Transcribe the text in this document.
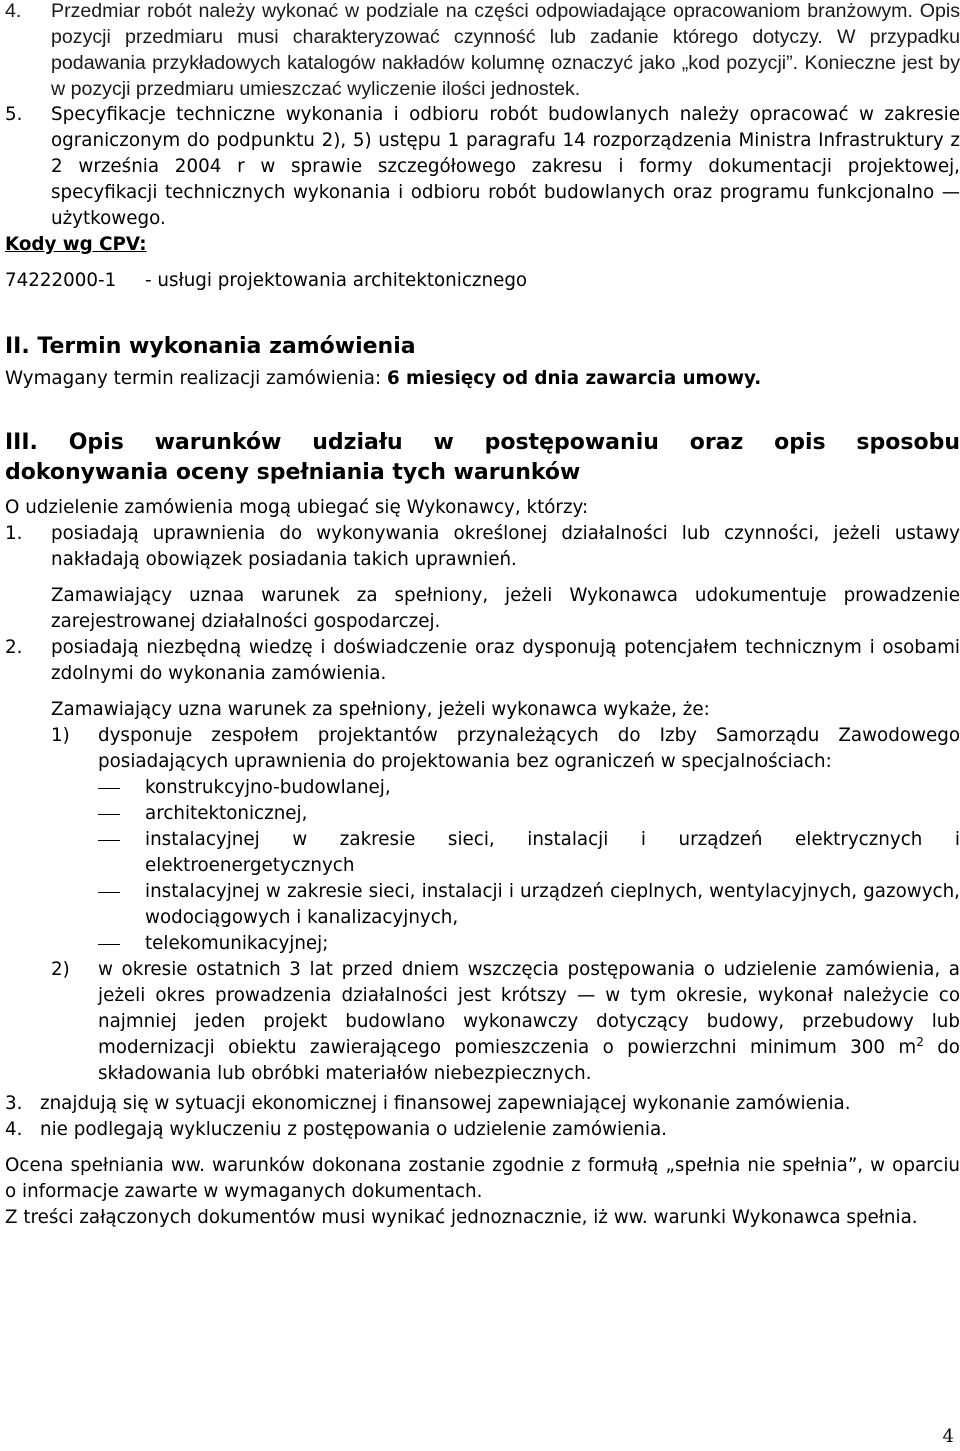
4.	Przedmiar robót należy wykonać w podziale na części odpowiadające opracowaniom branżowym. Opis pozycji przedmiaru musi charakteryzować czynność lub zadanie którego dotyczy. W przypadku podawania przykładowych katalogów nakładów kolumnę oznaczyć jako „kod pozycji”. Konieczne jest by w pozycji przedmiaru umieszczać wyliczenie ilości jednostek.
5.	Specyfikacje techniczne wykonania i odbioru robót budowlanych należy opracować w zakresie ograniczonym do podpunktu 2), 5) ustępu 1 paragrafu 14 rozporządzenia Ministra Infrastruktury z 2 września 2004 r w sprawie szczegółowego zakresu i formy dokumentacji projektowej, specyfikacji technicznych wykonania i odbioru robót budowlanych oraz programu funkcjonalno — użytkowego.
Kody wg CPV:
74222000-1	- usługi projektowania architektonicznego
II. Termin wykonania zamówienia
Wymagany termin realizacji zamówienia: 6 miesięcy od dnia zawarcia umowy.
III. Opis warunków udziału w postępowaniu oraz opis sposobu
dokonywania oceny spełniania tych warunków
O udzielenie zamówienia mogą ubiegać się Wykonawcy, którzy:
1.	posiadają uprawnienia do wykonywania określonej działalności lub czynności, jeżeli ustawy nakładają obowiązek posiadania takich uprawnień.
Zamawiający uznaa warunek za spełniony, jeżeli Wykonawca udokumentuje prowadzenie zarejestrowanej działalności gospodarczej.
2.	posiadają niezbędną wiedzę i doświadczenie oraz dysponują potencjałem technicznym i osobami zdolnymi do wykonania zamówienia.
Zamawiający uzna warunek za spełniony, jeżeli wykonawca wykaże, że:
1)	dysponuje zespołem projektantów przynależących do Izby Samorządu Zawodowego posiadających uprawnienia do projektowania bez ograniczeń w specjalnościach:
konstrukcyjno-budowlanej,
architektonicznej,
instalacyjnej w zakresie sieci, instalacji i urządzeń elektrycznych i elektroenergetycznych
instalacyjnej w zakresie sieci, instalacji i urządzeń cieplnych, wentylacyjnych, gazowych, wodociągowych i kanalizacyjnych,
telekomunikacyjnej;
2)	w okresie ostatnich 3 lat przed dniem wszczęcia postępowania o udzielenie zamówienia, a jeżeli okres prowadzenia działalności jest krótszy — w tym okresie, wykonał należycie co najmniej jeden projekt budowlano wykonawczy dotyczący budowy, przebudowy lub modernizacji obiektu zawierającego pomieszczenia o powierzchni minimum 300 $m^2$ do składowania lub obróbki materiałów niebezpiecznych.
3. znajdują się w sytuacji ekonomicznej i finansowej zapewniającej wykonanie zamówienia.
4. nie podlegają wykluczeniu z postępowania o udzielenie zamówienia.
Ocena spełniania ww. warunków dokonana zostanie zgodnie z formułą „spełnia nie spełnia”, w oparciu o informacje zawarte w wymaganych dokumentach.
Z treści załączonych dokumentów musi wynikać jednoznacznie, iż ww. warunki Wykonawca spełnia.
4
